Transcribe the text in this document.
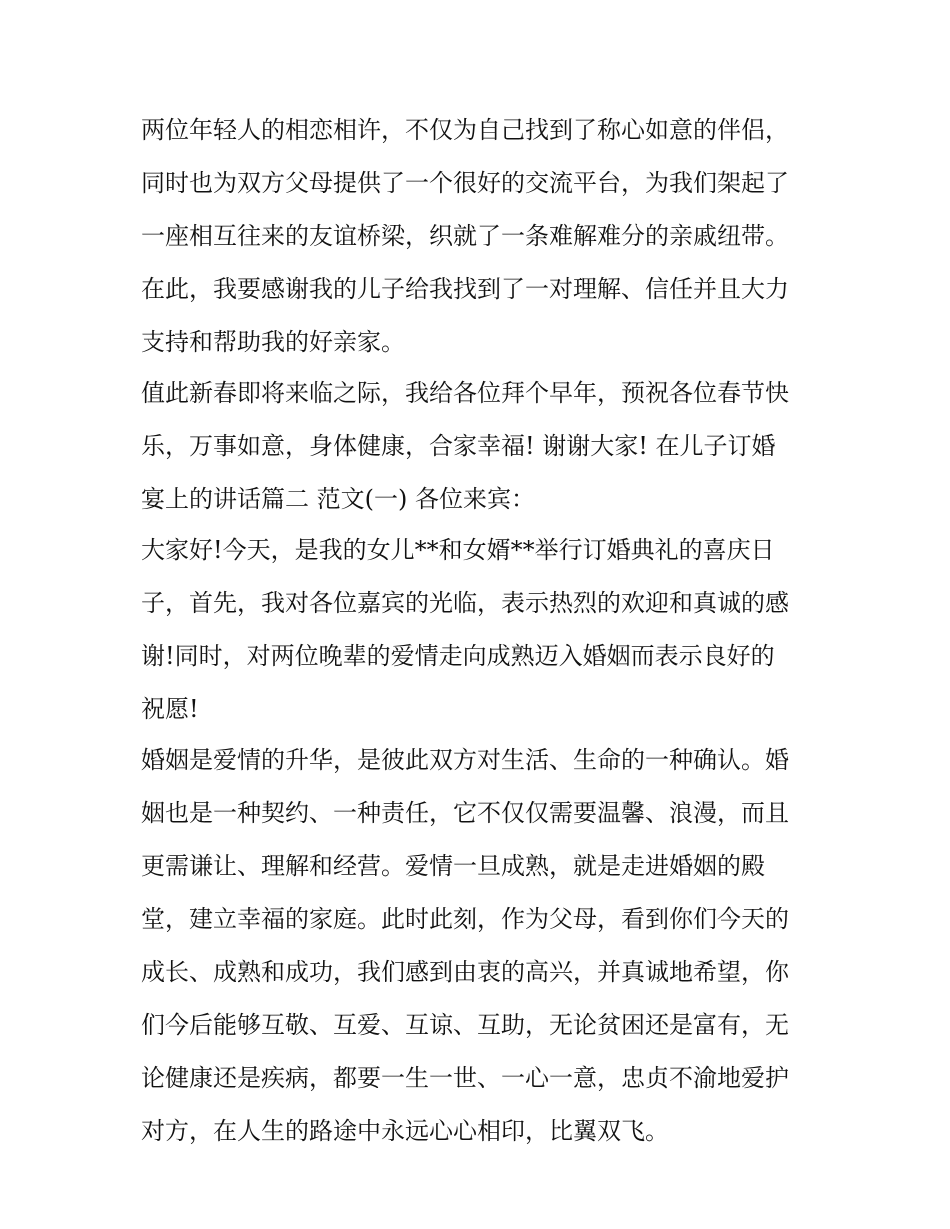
两位年轻人的相恋相许，不仅为自己找到了称心如意的伴侣，
同时也为双方父母提供了一个很好的交流平台，为我们架起了
一座相互往来的友谊桥梁，织就了一条难解难分的亲戚纽带。
在此，我要感谢我的儿子给我找到了一对理解、信任并且大力
支持和帮助我的好亲家。
值此新春即将来临之际，我给各位拜个早年，预祝各位春节快
乐，万事如意，身体健康，合家幸福! 谢谢大家! 在儿子订婚
宴上的讲话篇二 范文(一) 各位来宾：
大家好!今天，是我的女儿**和女婿**举行订婚典礼的喜庆日
子，首先，我对各位嘉宾的光临，表示热烈的欢迎和真诚的感
谢!同时，对两位晚辈的爱情走向成熟迈入婚姻而表示良好的
祝愿!
婚姻是爱情的升华，是彼此双方对生活、生命的一种确认。婚
姻也是一种契约、一种责任，它不仅仅需要温馨、浪漫，而且
更需谦让、理解和经营。爱情一旦成熟，就是走进婚姻的殿
堂，建立幸福的家庭。此时此刻，作为父母，看到你们今天的
成长、成熟和成功，我们感到由衷的高兴，并真诚地希望，你
们今后能够互敬、互爱、互谅、互助，无论贫困还是富有，无
论健康还是疾病，都要一生一世、一心一意，忠贞不渝地爱护
对方，在人生的路途中永远心心相印，比翼双飞。
